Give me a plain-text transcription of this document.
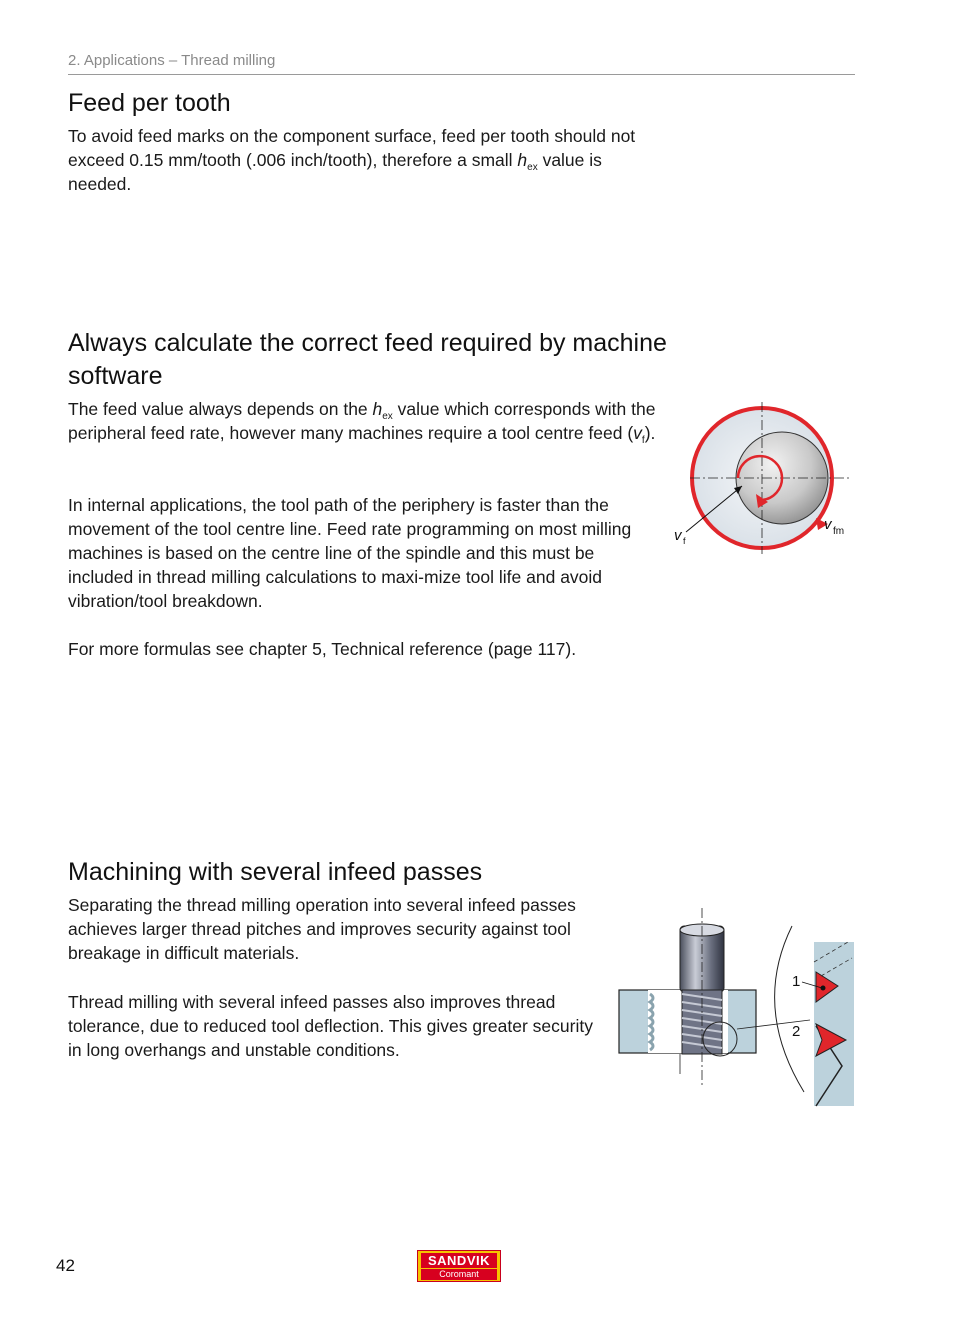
2. Applications – Thread milling
Feed per tooth

To avoid feed marks on the component surface, feed per tooth should not exceed 0.15 mm/tooth (.006 inch/tooth), therefore a small $h_{ex}$ value is needed.

Always calculate the correct feed required by machine software

The feed value always depends on the $h_{ex}$ value which corresponds with the peripheral feed rate, however many machines require a tool centre feed $(v_f)$.

In internal applications, the tool path of the periphery is faster than the movement of the tool centre line. Feed rate programming on most milling machines is based on the centre line of the spindle and this must be included in thread milling calculations to maxi-mize tool life and avoid vibration/tool breakdown.

For more formulas see chapter 5, Technical reference (page 117).

v f
v fm
Machining with several infeed passes

Separating the thread milling operation into several infeed passes achieves larger thread pitches and improves security against tool breakage in difficult materials.

Thread milling with several infeed passes also improves thread tolerance, due to reduced tool deflection. This gives greater security in long overhangs and unstable conditions.

1
2
42	SANDVIK
Coromant
